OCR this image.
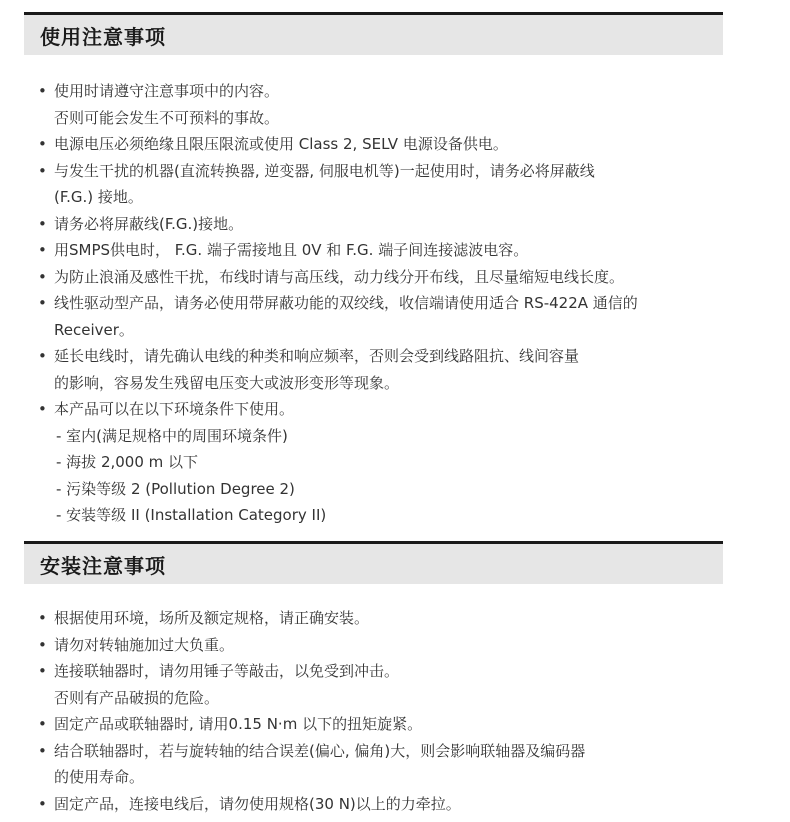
使用注意事项
• 使用时请遵守注意事项中的内容。
否则可能会发生不可预料的事故。
• 电源电压必须绝缘且限压限流或使用 Class 2, SELV 电源设备供电。
• 与发生干扰的机器(直流转换器, 逆变器, 伺服电机等)一起使用时，请务必将屏蔽线
(F.G.) 接地。
• 请务必将屏蔽线(F.G.)接地。
• 用SMPS供电时， F.G. 端子需接地且 0V 和 F.G. 端子间连接滤波电容。
• 为防止浪涌及感性干扰，布线时请与高压线，动力线分开布线，且尽量缩短电线长度。
• 线性驱动型产品，请务必使用带屏蔽功能的双绞线，收信端请使用适合 RS-422A 通信的
Receiver。
• 延长电线时，请先确认电线的种类和响应频率，否则会受到线路阻抗、线间容量
的影响，容易发生残留电压变大或波形变形等现象。
• 本产品可以在以下环境条件下使用。
- 室内(满足规格中的周围环境条件)
- 海拔 2,000 m 以下
- 污染等级 2 (Pollution Degree 2)
- 安装等级 II (Installation Category II)
安装注意事项
• 根据使用环境，场所及额定规格，请正确安装。
• 请勿对转轴施加过大负重。
• 连接联轴器时，请勿用锤子等敲击，以免受到冲击。
否则有产品破损的危险。
• 固定产品或联轴器时, 请用0.15 N·m 以下的扭矩旋紧。
• 结合联轴器时，若与旋转轴的结合误差(偏心, 偏角)大，则会影响联轴器及编码器
的使用寿命。
• 固定产品，连接电线后，请勿使用规格(30 N)以上的力牵拉。
